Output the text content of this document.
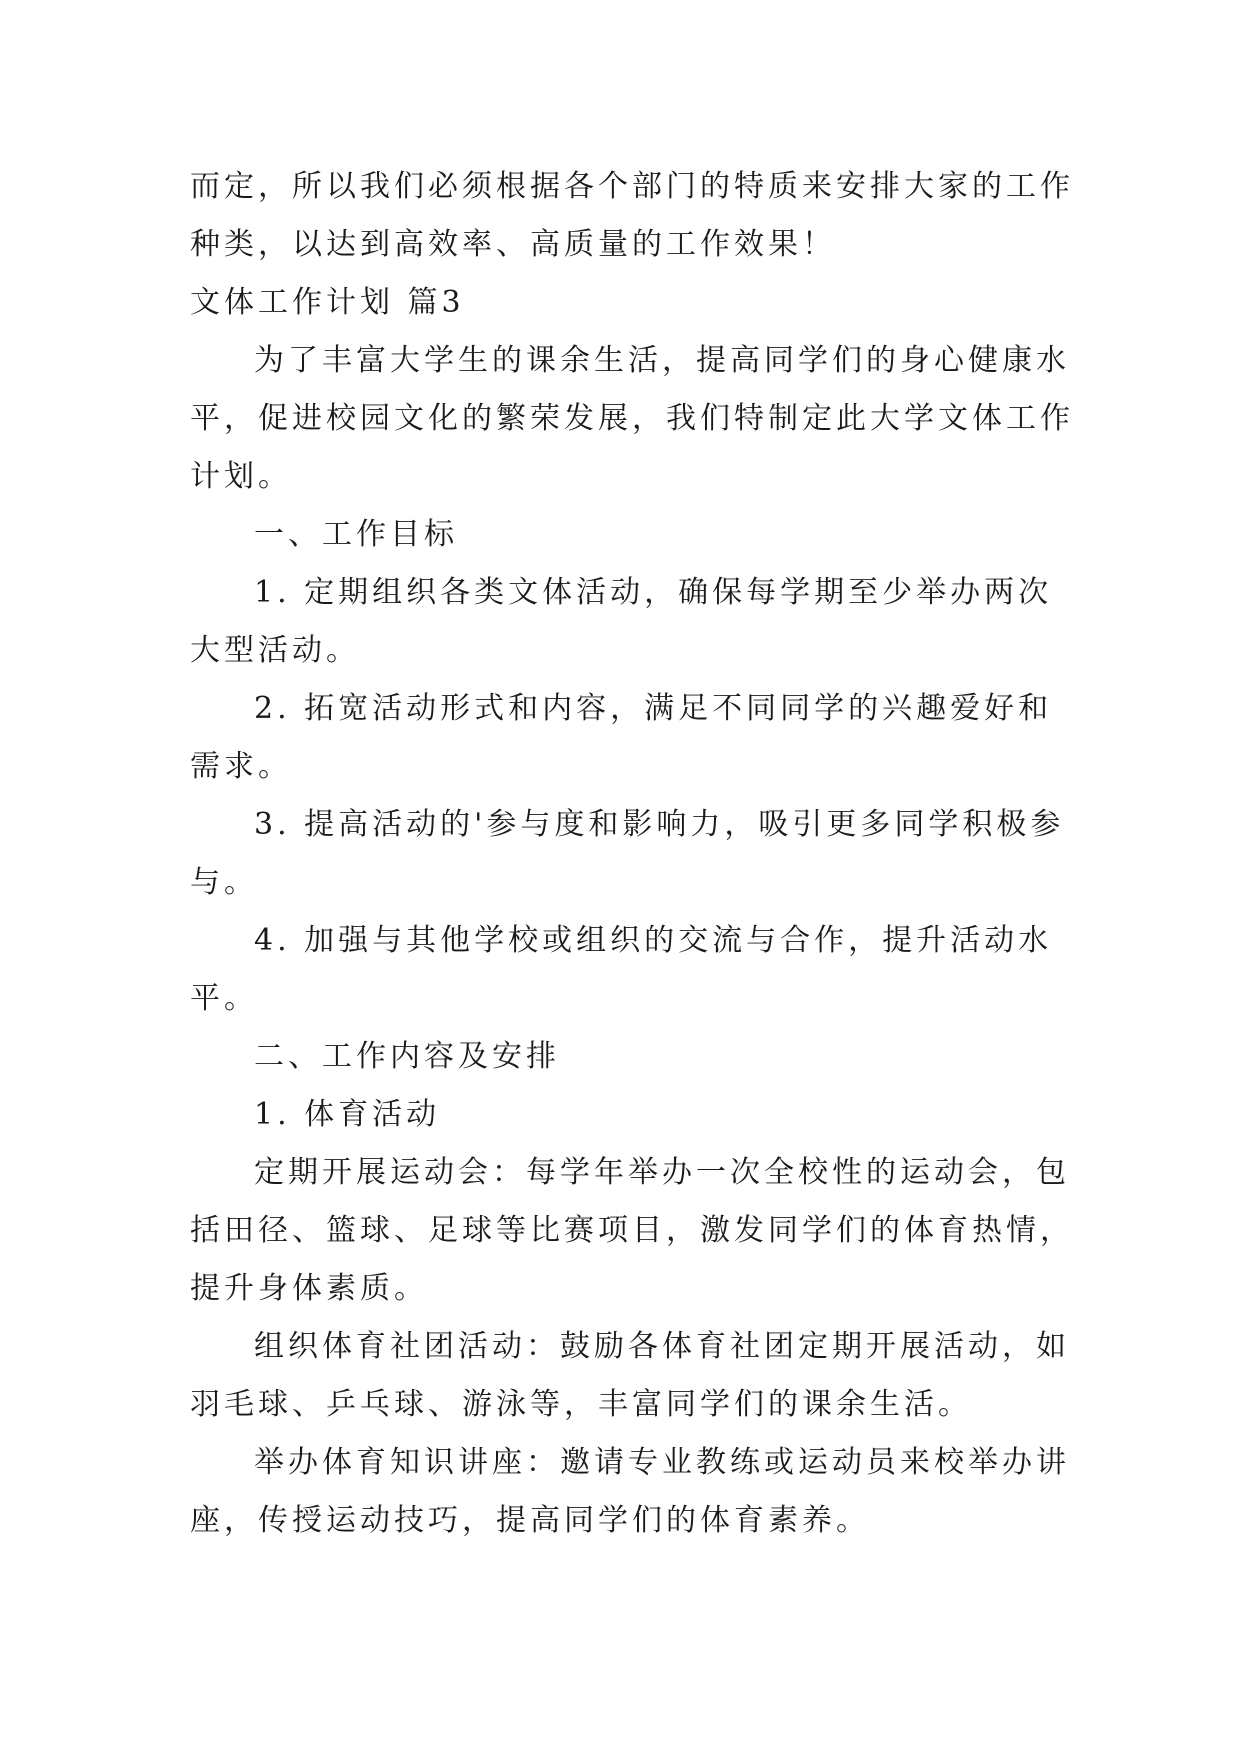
而定，所以我们必须根据各个部门的特质来安排大家的工作
种类，以达到高效率、高质量的工作效果！
文体工作计划 篇3
为了丰富大学生的课余生活，提高同学们的身心健康水
平，促进校园文化的繁荣发展，我们特制定此大学文体工作
计划。
一、工作目标
1. 定期组织各类文体活动，确保每学期至少举办两次
大型活动。
2. 拓宽活动形式和内容，满足不同同学的兴趣爱好和
需求。
3. 提高活动的'参与度和影响力，吸引更多同学积极参
与。
4. 加强与其他学校或组织的交流与合作，提升活动水
平。
二、工作内容及安排
1. 体育活动
定期开展运动会：每学年举办一次全校性的运动会，包
括田径、篮球、足球等比赛项目，激发同学们的体育热情，
提升身体素质。
组织体育社团活动：鼓励各体育社团定期开展活动，如
羽毛球、乒乓球、游泳等，丰富同学们的课余生活。
举办体育知识讲座：邀请专业教练或运动员来校举办讲
座，传授运动技巧，提高同学们的体育素养。
